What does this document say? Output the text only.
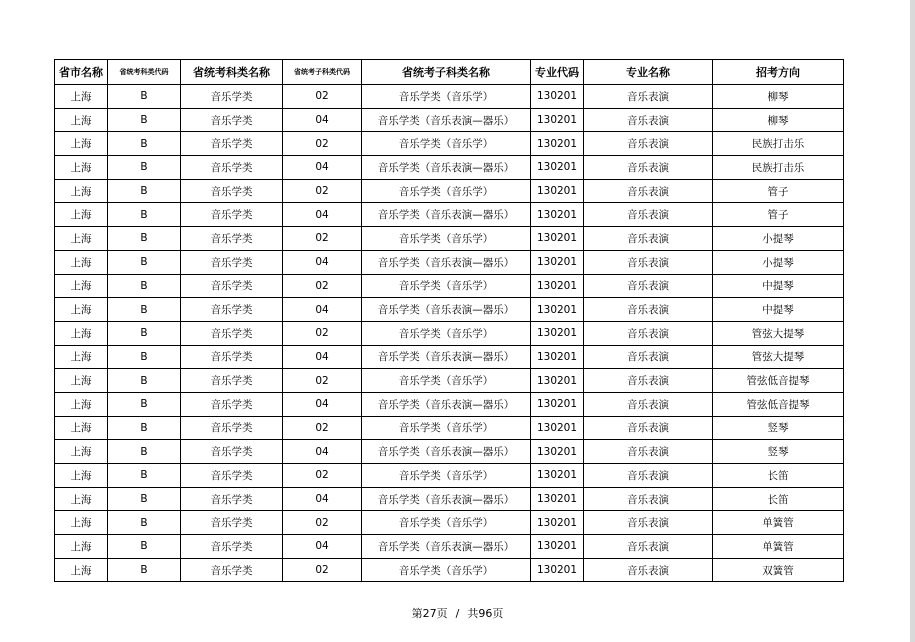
省市名称	省统考科类代码	省统考科类名称	省统考子科类代码	省统考子科类名称	专业代码	专业名称	招考方向
上海	B	音乐学类	02	音乐学类（音乐学）	130201	音乐表演	柳琴
上海	B	音乐学类	04	音乐学类（音乐表演—器乐）	130201	音乐表演	柳琴
上海	B	音乐学类	02	音乐学类（音乐学）	130201	音乐表演	民族打击乐
上海	B	音乐学类	04	音乐学类（音乐表演—器乐）	130201	音乐表演	民族打击乐
上海	B	音乐学类	02	音乐学类（音乐学）	130201	音乐表演	管子
上海	B	音乐学类	04	音乐学类（音乐表演—器乐）	130201	音乐表演	管子
上海	B	音乐学类	02	音乐学类（音乐学）	130201	音乐表演	小提琴
上海	B	音乐学类	04	音乐学类（音乐表演—器乐）	130201	音乐表演	小提琴
上海	B	音乐学类	02	音乐学类（音乐学）	130201	音乐表演	中提琴
上海	B	音乐学类	04	音乐学类（音乐表演—器乐）	130201	音乐表演	中提琴
上海	B	音乐学类	02	音乐学类（音乐学）	130201	音乐表演	管弦大提琴
上海	B	音乐学类	04	音乐学类（音乐表演—器乐）	130201	音乐表演	管弦大提琴
上海	B	音乐学类	02	音乐学类（音乐学）	130201	音乐表演	管弦低音提琴
上海	B	音乐学类	04	音乐学类（音乐表演—器乐）	130201	音乐表演	管弦低音提琴
上海	B	音乐学类	02	音乐学类（音乐学）	130201	音乐表演	竖琴
上海	B	音乐学类	04	音乐学类（音乐表演—器乐）	130201	音乐表演	竖琴
上海	B	音乐学类	02	音乐学类（音乐学）	130201	音乐表演	长笛
上海	B	音乐学类	04	音乐学类（音乐表演—器乐）	130201	音乐表演	长笛
上海	B	音乐学类	02	音乐学类（音乐学）	130201	音乐表演	单簧管
上海	B	音乐学类	04	音乐学类（音乐表演—器乐）	130201	音乐表演	单簧管
上海	B	音乐学类	02	音乐学类（音乐学）	130201	音乐表演	双簧管
第27页 / 共96页
